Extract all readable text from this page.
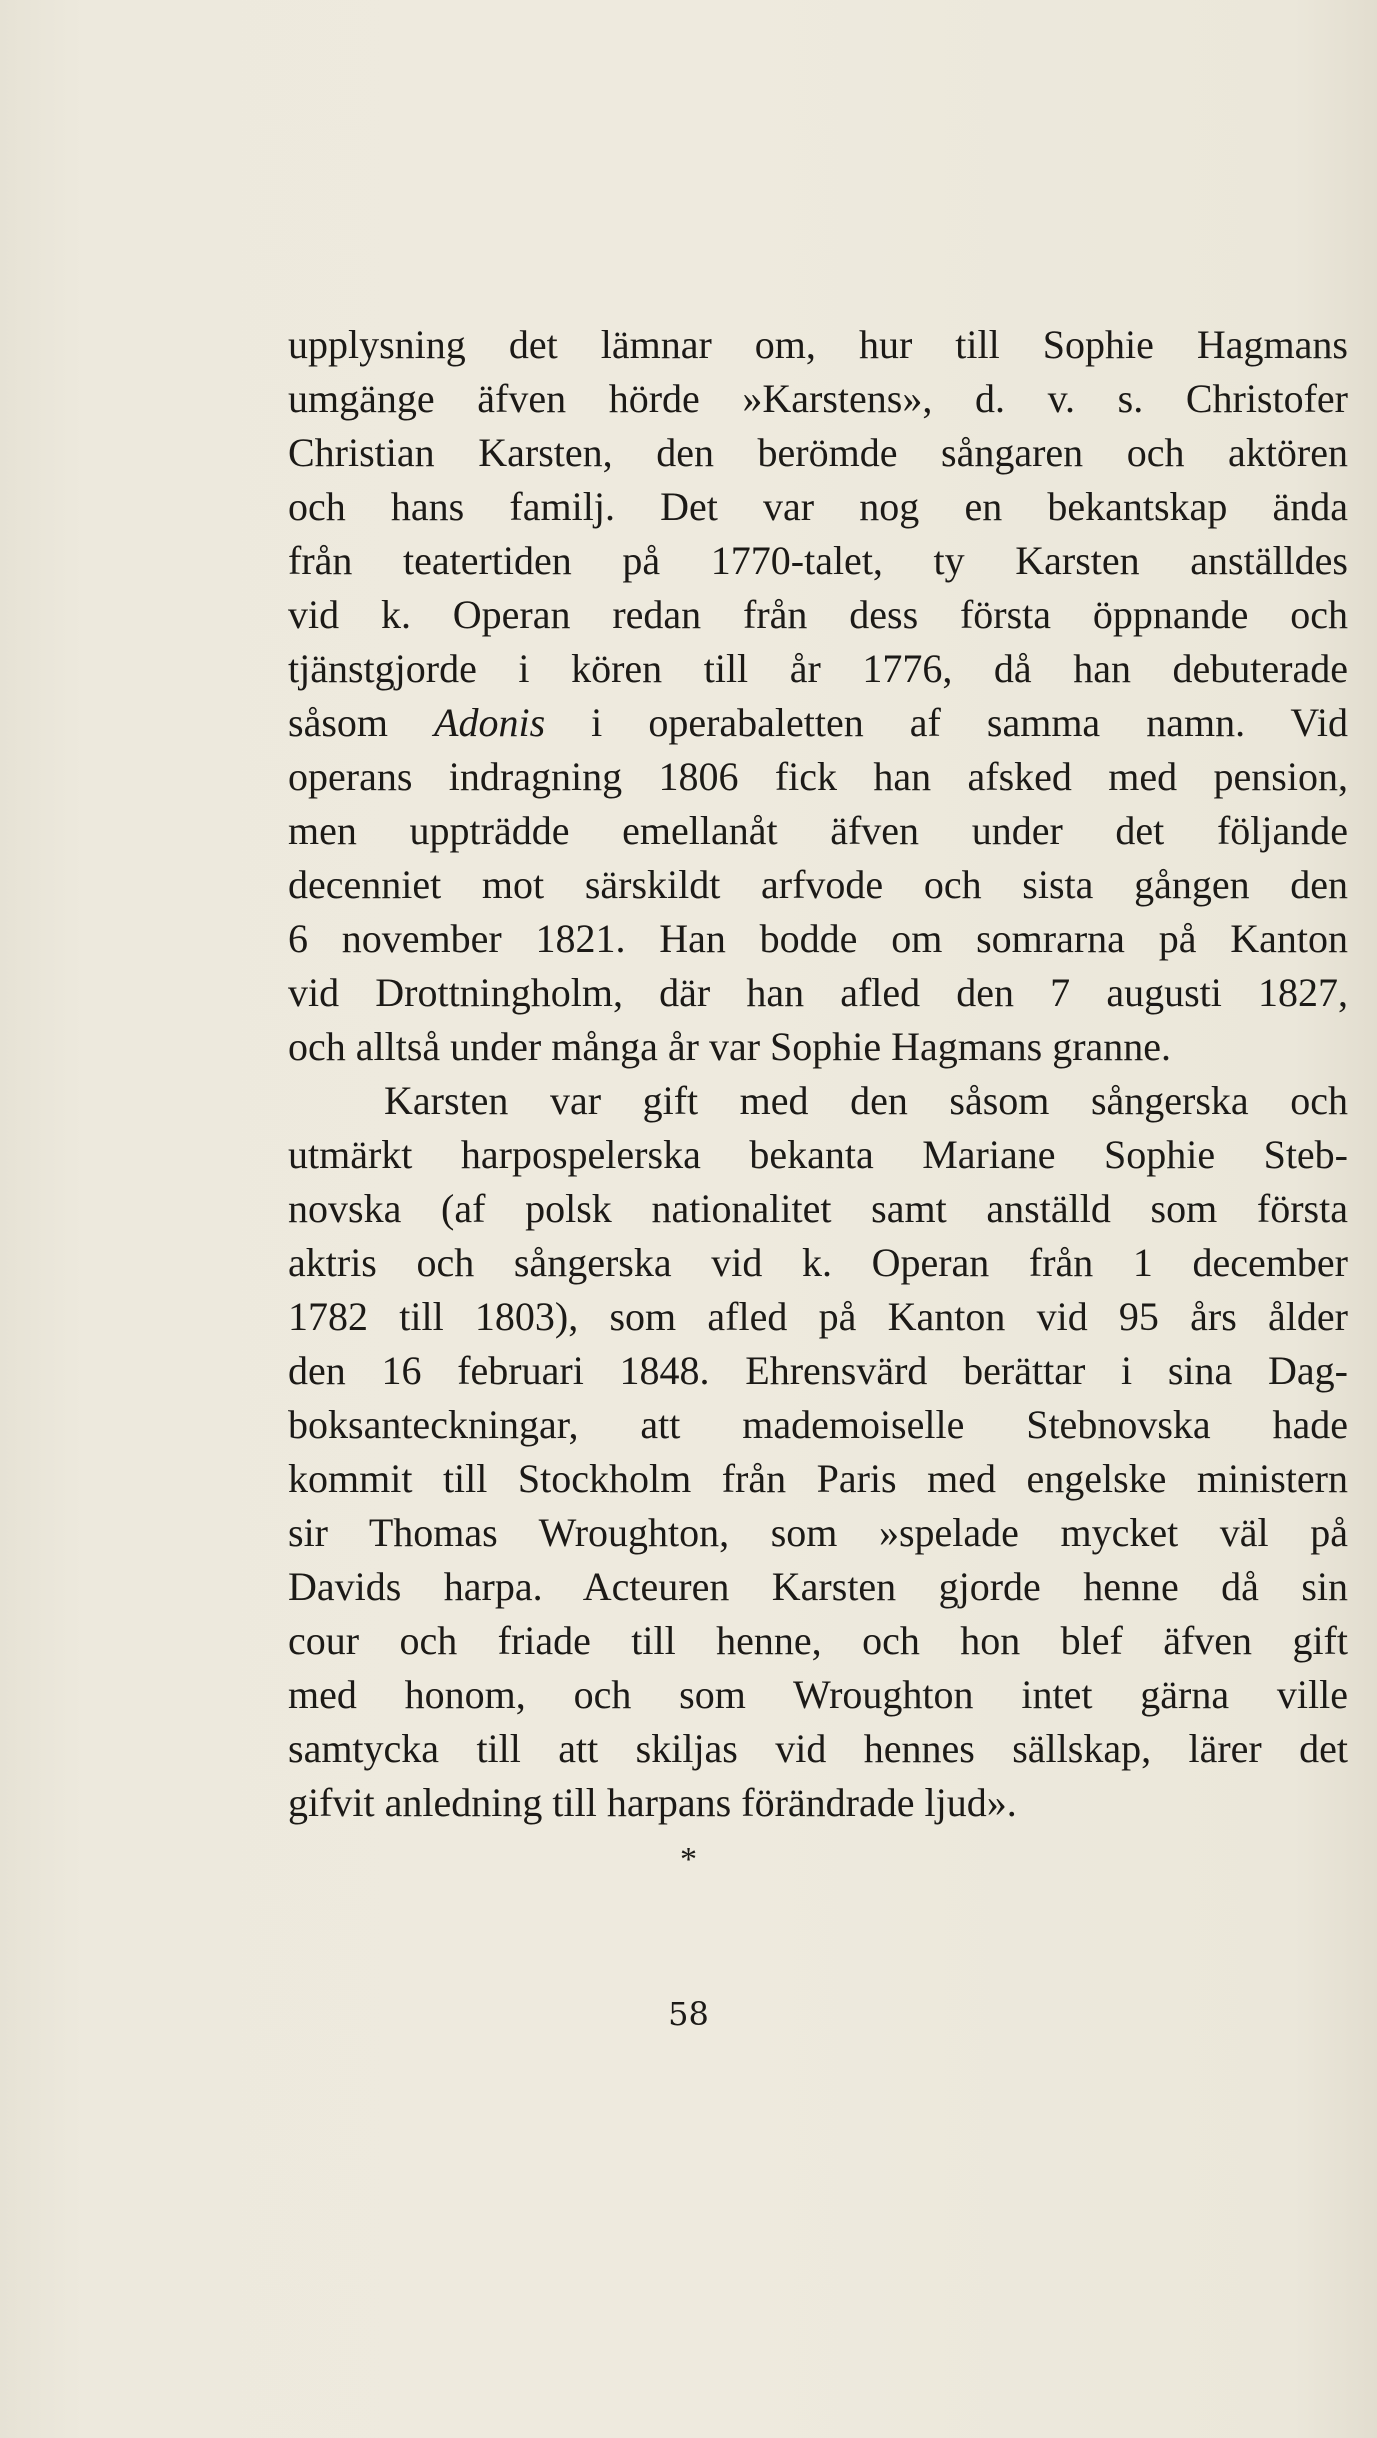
upplysning det lämnar om, hur till Sophie Hagmans
umgänge äfven hörde »Karstens», d. v. s. Christofer
Christian Karsten, den berömde sångaren och aktören
och hans familj. Det var nog en bekantskap ända
från teatertiden på 1770-talet, ty Karsten anställdes
vid k. Operan redan från dess första öppnande och
tjänstgjorde i kören till år 1776, då han debuterade
såsom Adonis i operabaletten af samma namn. Vid
operans indragning 1806 fick han afsked med pension,
men uppträdde emellanåt äfven under det följande
decenniet mot särskildt arfvode och sista gången den
6 november 1821. Han bodde om somrarna på Kanton
vid Drottningholm, där han afled den 7 augusti 1827,
och alltså under många år var Sophie Hagmans granne.
Karsten var gift med den såsom sångerska och
utmärkt harpospelerska bekanta Mariane Sophie Steb-
novska (af polsk nationalitet samt anställd som första
aktris och sångerska vid k. Operan från 1 december
1782 till 1803), som afled på Kanton vid 95 års ålder
den 16 februari 1848. Ehrensvärd berättar i sina Dag-
boksanteckningar, att mademoiselle Stebnovska hade
kommit till Stockholm från Paris med engelske ministern
sir Thomas Wroughton, som »spelade mycket väl på
Davids harpa. Acteuren Karsten gjorde henne då sin
cour och friade till henne, och hon blef äfven gift
med honom, och som Wroughton intet gärna ville
samtycka till att skiljas vid hennes sällskap, lärer det
gifvit anledning till harpans förändrade ljud».
*
58
